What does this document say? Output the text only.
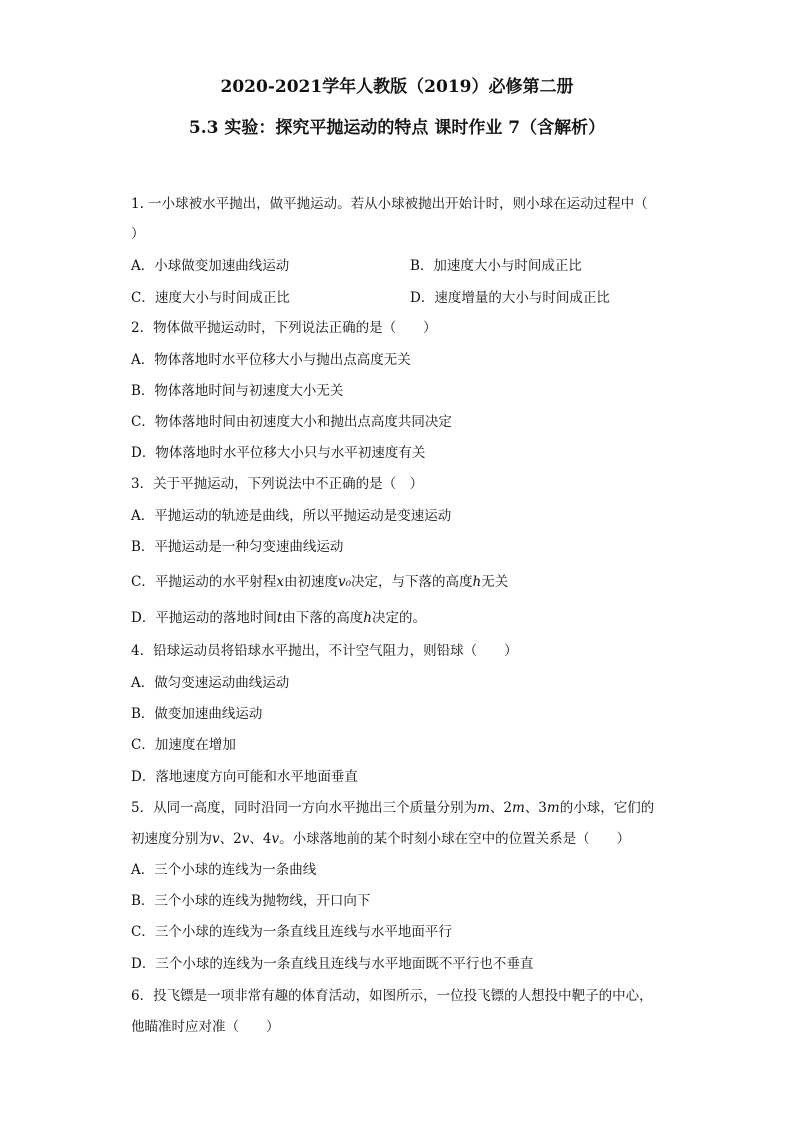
2020-2021学年人教版（2019）必修第二册
5.3 实验：探究平抛运动的特点 课时作业 7（含解析）
1. 一小球被水平抛出，做平抛运动。若从小球被抛出开始计时，则小球在运动过程中（
）
A．小球做变加速曲线运动	B．加速度大小与时间成正比
C．速度大小与时间成正比	D．速度增量的大小与时间成正比
2．物体做平抛运动时，下列说法正确的是（　　）
A．物体落地时水平位移大小与抛出点高度无关
B．物体落地时间与初速度大小无关
C．物体落地时间由初速度大小和抛出点高度共同决定
D．物体落地时水平位移大小只与水平初速度有关
3．关于平抛运动，下列说法中不正确的是（　）
A．平抛运动的轨迹是曲线，所以平抛运动是变速运动
B．平抛运动是一种匀变速曲线运动
C．平抛运动的水平射程x由初速度v₀决定，与下落的高度h无关
D．平抛运动的落地时间t由下落的高度h决定的。
4．铅球运动员将铅球水平抛出，不计空气阻力，则铅球（　　）
A．做匀变速运动曲线运动
B．做变加速曲线运动
C．加速度在增加
D．落地速度方向可能和水平地面垂直
5．从同一高度，同时沿同一方向水平抛出三个质量分别为m、2m、3m的小球，它们的
初速度分别为v、2v、4v。小球落地前的某个时刻小球在空中的位置关系是（　　）
A．三个小球的连线为一条曲线
B．三个小球的连线为抛物线，开口向下
C．三个小球的连线为一条直线且连线与水平地面平行
D．三个小球的连线为一条直线且连线与水平地面既不平行也不垂直
6．投飞镖是一项非常有趣的体育活动，如图所示，一位投飞镖的人想投中靶子的中心，
他瞄准时应对准（　　）
